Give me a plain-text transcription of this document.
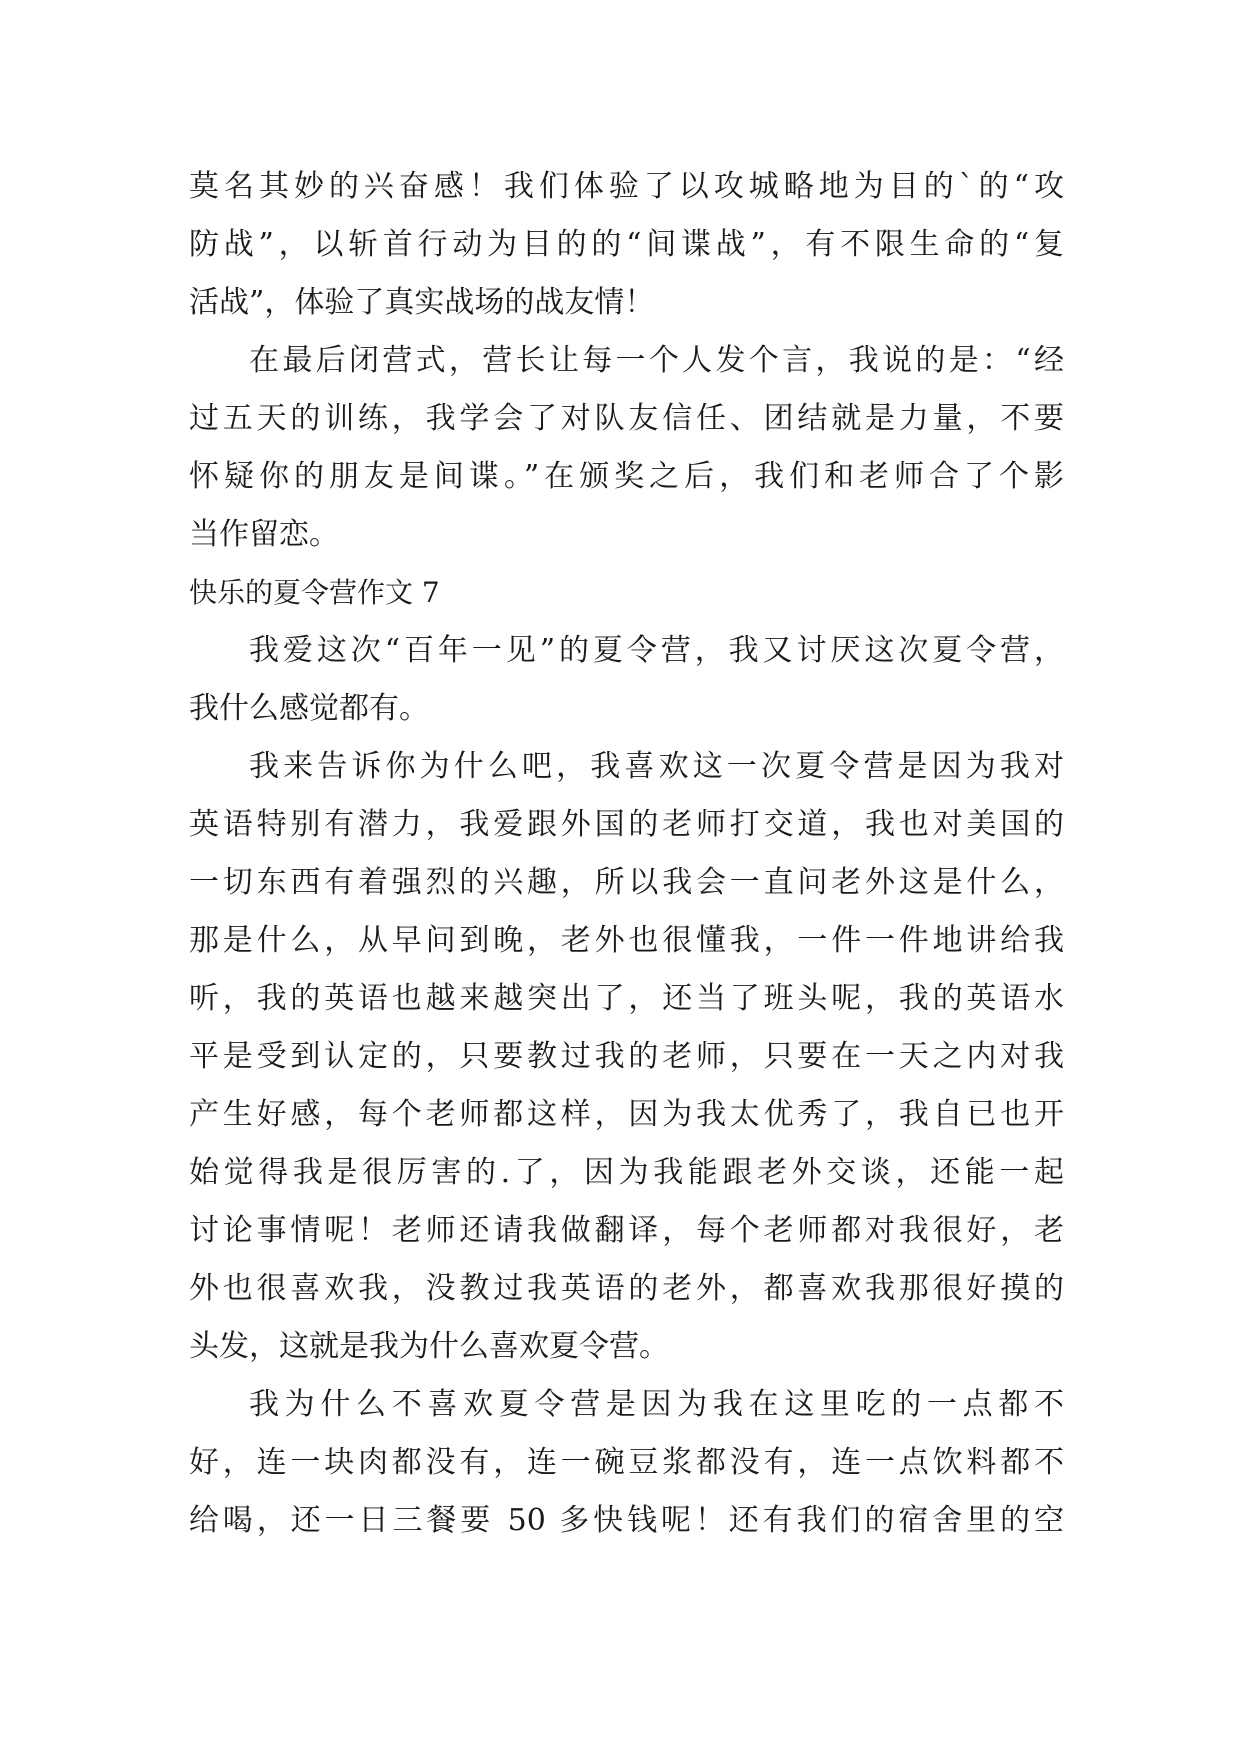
莫名其妙的兴奋感！我们体验了以攻城略地为目的`的“攻
防战”，以斩首行动为目的的“间谍战”，有不限生命的“复
活战”，体验了真实战场的战友情！
在最后闭营式，营长让每一个人发个言，我说的是：“经
过五天的训练，我学会了对队友信任、团结就是力量，不要
怀疑你的朋友是间谍。”在颁奖之后，我们和老师合了个影
当作留恋。
快乐的夏令营作文 7
我爱这次“百年一见”的夏令营，我又讨厌这次夏令营，
我什么感觉都有。
我来告诉你为什么吧，我喜欢这一次夏令营是因为我对
英语特别有潜力，我爱跟外国的老师打交道，我也对美国的
一切东西有着强烈的兴趣，所以我会一直问老外这是什么，
那是什么，从早问到晚，老外也很懂我，一件一件地讲给我
听，我的英语也越来越突出了，还当了班头呢，我的英语水
平是受到认定的，只要教过我的老师，只要在一天之内对我
产生好感，每个老师都这样，因为我太优秀了，我自已也开
始觉得我是很厉害的.了，因为我能跟老外交谈，还能一起
讨论事情呢！老师还请我做翻译，每个老师都对我很好，老
外也很喜欢我，没教过我英语的老外，都喜欢我那很好摸的
头发，这就是我为什么喜欢夏令营。
我为什么不喜欢夏令营是因为我在这里吃的一点都不
好，连一块肉都没有，连一碗豆浆都没有，连一点饮料都不
给喝，还一日三餐要 50 多快钱呢！还有我们的宿舍里的空
